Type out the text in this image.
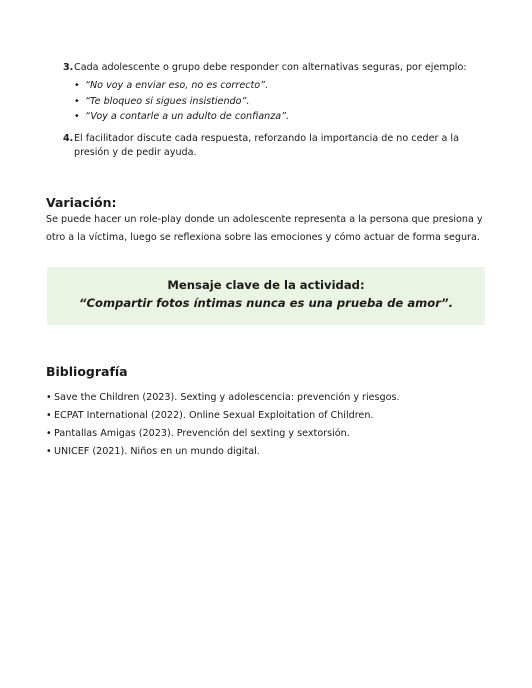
3. Cada adolescente o grupo debe responder con alternativas seguras, por ejemplo:
• “No voy a enviar eso, no es correcto”.
• “Te bloqueo si sigues insistiendo”.
• “Voy a contarle a un adulto de confianza”.
4. El facilitador discute cada respuesta, reforzando la importancia de no ceder a la presión y de pedir ayuda.
Variación:

Se puede hacer un role-play donde un adolescente representa a la persona que presiona y otro a la víctima, luego se reflexiona sobre las emociones y cómo actuar de forma segura.

Mensaje clave de la actividad:

“Compartir fotos íntimas nunca es una prueba de amor”.

Bibliografía
• Save the Children (2023). Sexting y adolescencia: prevención y riesgos.
• ECPAT International (2022). Online Sexual Exploitation of Children.
• Pantallas Amigas (2023). Prevención del sexting y sextorsión.
• UNICEF (2021). Niños en un mundo digital.
